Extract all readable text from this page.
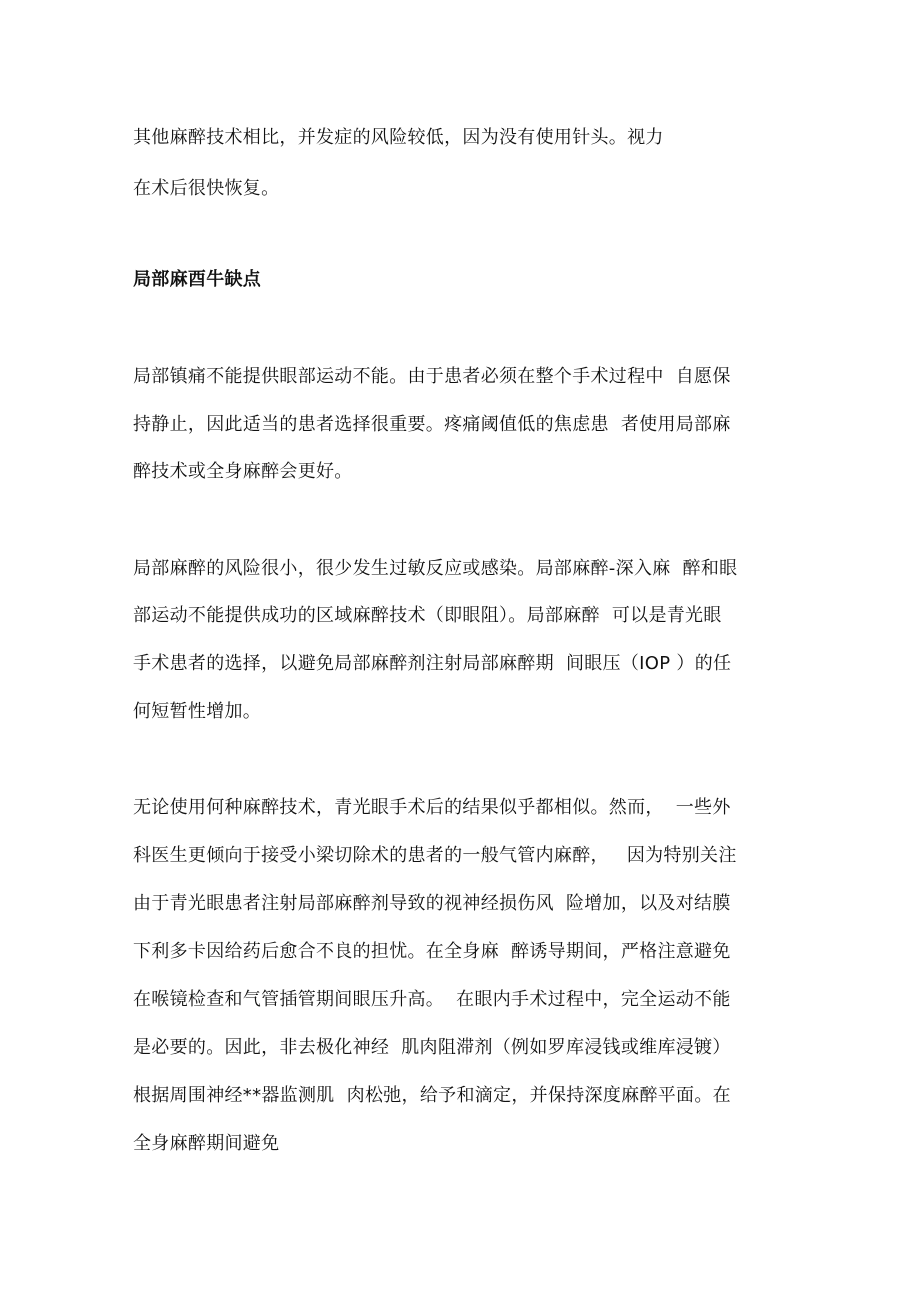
其他麻醉技术相比，并发症的风险较低，因为没有使用针头。视力
在术后很快恢复。
局部麻酉牛缺点
局部镇痛不能提供眼部运动不能。由于患者必须在整个手术过程中  自愿保
持静止，因此适当的患者选择很重要。疼痛阈值低的焦虑患  者使用局部麻
醉技术或全身麻醉会更好。
局部麻醉的风险很小，很少发生过敏反应或感染。局部麻醉-深入麻  醉和眼
部运动不能提供成功的区域麻醉技术（即眼阻）。局部麻醉  可以是青光眼
手术患者的选择，以避免局部麻醉剂注射局部麻醉期  间眼压（IOP ）的任
何短暂性增加。
无论使用何种麻醉技术，青光眼手术后的结果似乎都相似。然而，  一些外
科医生更倾向于接受小梁切除术的患者的一般气管内麻醉，   因为特别关注
由于青光眼患者注射局部麻醉剂导致的视神经损伤风  险增加，以及对结膜
下利多卡因给药后愈合不良的担忧。在全身麻  醉诱导期间，严格注意避免
在喉镜检查和气管插管期间眼压升高。  在眼内手术过程中，完全运动不能
是必要的。因此，非去极化神经  肌肉阻滞剂（例如罗库浸钱或维库浸镀）
根据周围神经**器监测肌  肉松弛，给予和滴定，并保持深度麻醉平面。在
全身麻醉期间避免
